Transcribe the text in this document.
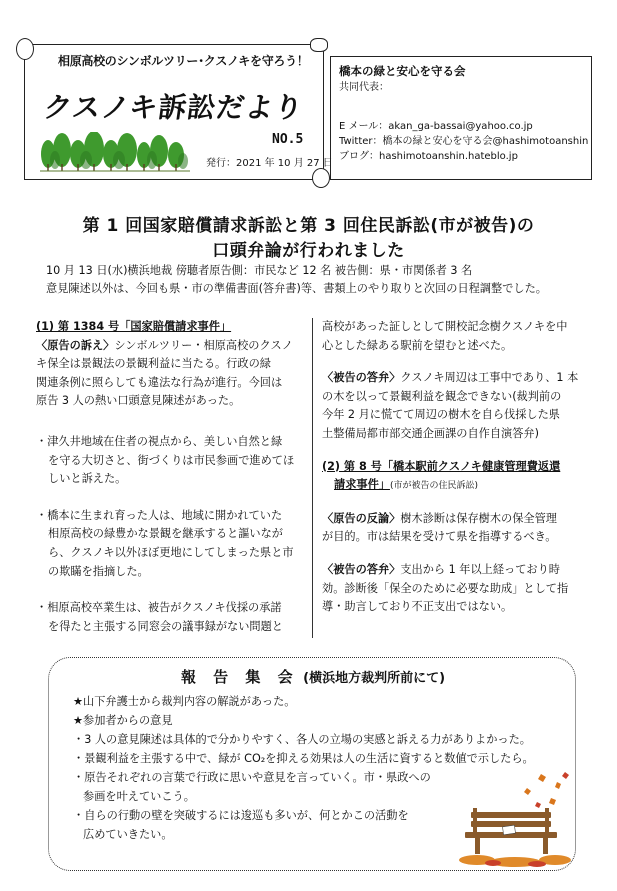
相原高校のシンボルツリー･クスノキを守ろう！
クスノキ訴訟だより
NO.5
発行：2021 年 10 月 27 日
橋本の緑と安心を守る会
共同代表：
E メール：akan_ga-bassai@yahoo.co.jp
Twitter：橋本の緑と安心を守る会@hashimotoanshin
ブログ：hashimotoanshin.hateblo.jp
第 1 回国家賠償請求訴訟と第 3 回住民訴訟(市が被告)の
口頭弁論が行われました
10 月 13 日(水)横浜地裁 傍聴者原告側：市民など 12 名 被告側：県・市関係者 3 名
意見陳述以外は、今回も県・市の準備書面(答弁書)等、書類上のやり取りと次回の日程調整でした。
(1) 第 1384 号「国家賠償請求事件」
〈原告の訴え〉シンボルツリー・相原高校のクスノ
キ保全は景観法の景観利益に当たる。行政の緑
関連条例に照らしても違法な行為が進行。今回は
原告 3 人の熱い口頭意見陳述があった。
・津久井地域在住者の視点から、美しい自然と緑
を守る大切さと、街づくりは市民参画で進めてほ
しいと訴えた。
・橋本に生まれ育った人は、地域に開かれていた
相原高校の緑豊かな景観を継承すると謳いなが
ら、クスノキ以外ほぼ更地にしてしまった県と市
の欺瞞を指摘した。
・相原高校卒業生は、被告がクスノキ伐採の承諾
を得たと主張する同窓会の議事録がない問題と
高校があった証しとして開校記念樹クスノキを中
心とした緑ある駅前を望むと述べた。
〈被告の答弁〉クスノキ周辺は工事中であり、1 本
の木を以って景観利益を観念できない(裁判前の
今年 2 月に慌てて周辺の樹木を自ら伐採した県
土整備局都市部交通企画課の自作自演答弁)
(2) 第 8 号「橋本駅前クスノキ健康管理費返還
請求事件」(市が被告の住民訴訟)
〈原告の反論〉樹木診断は保存樹木の保全管理
が目的。市は結果を受けて県を指導するべき。
〈被告の答弁〉支出から 1 年以上経っており時
効。診断後「保全のために必要な助成」として指
導・助言しており不正支出ではない。
報 告 集 会 (横浜地方裁判所前にて)
★山下弁護士から裁判内容の解説があった。
★参加者からの意見
・3 人の意見陳述は具体的で分かりやすく、各人の立場の実感と訴える力がありよかった。
・景観利益を主張する中で、緑が CO₂を抑える効果は人の生活に資すると数値で示したら。
・原告それぞれの言葉で行政に思いや意見を言っていく。市・県政への
参画を叶えていこう。
・自らの行動の壁を突破するには逡巡も多いが、何とかこの活動を
広めていきたい。
